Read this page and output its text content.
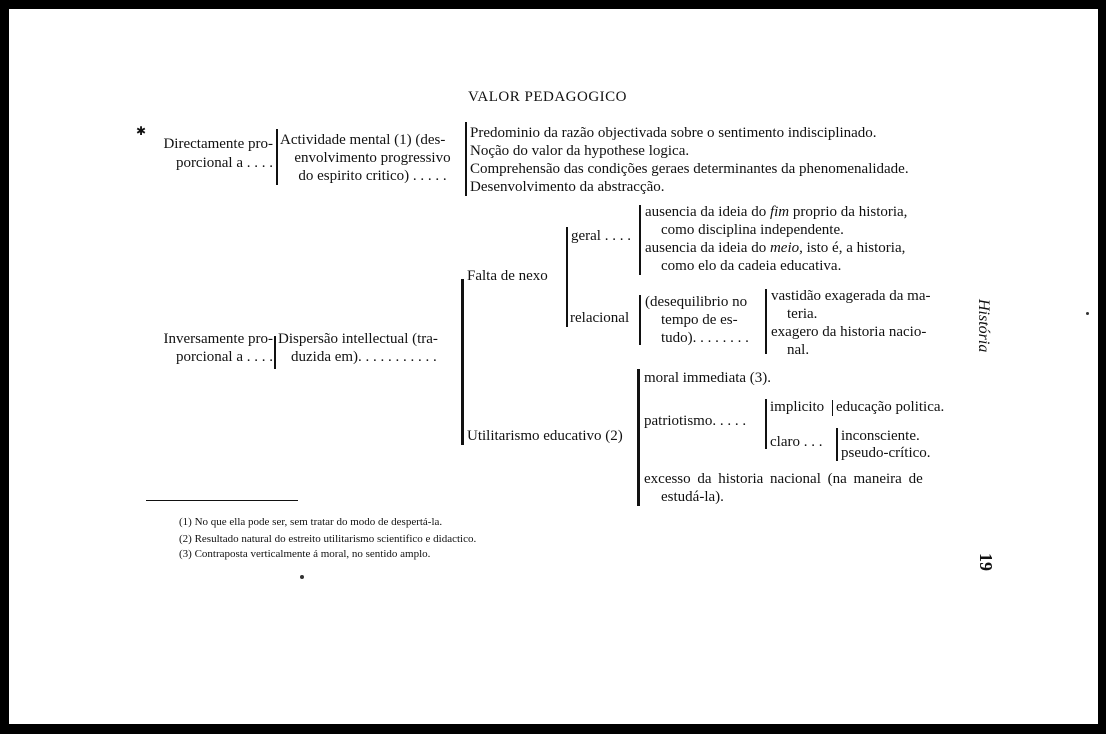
VALOR PEDAGOGICO
✱
Directamente pro-
porcional a . . . .
Actividade mental (1) (des-
envolvimento progressivo
do espirito critico) . . . . .
Predominio da razão objectivada sobre o sentimento indisciplinado.
Noção do valor da hypothese logica.
Comprehensão das condições geraes determinantes da phenomenalidade.
Desenvolvimento da abstracção.
Inversamente pro-
porcional a . . . .
Dispersão intellectual (tra-
duzida em). . . . . . . . . . .
Falta de nexo
geral . . . .
ausencia da ideia do fim proprio da historia,
como disciplina independente.
ausencia da ideia do meio, isto é, a historia,
como elo da cadeia educativa.
relacional
(desequilibrio no
tempo de es-
tudo). . . . . . . .
vastidão exagerada da ma-
teria.
exagero da historia nacio-
nal.
Utilitarismo educativo (2)
moral immediata (3).
patriotismo. . . . .
implicito educação politica.
claro . . . inconsciente.
pseudo-crítico.
excesso da historia nacional (na maneira de
estudá-la).
(1) No que ella pode ser, sem tratar do modo de despertá-la.
(2) Resultado natural do estreito utilitarismo scientifico e didactico.
(3) Contraposta verticalmente á moral, no sentido amplo.
História
19
